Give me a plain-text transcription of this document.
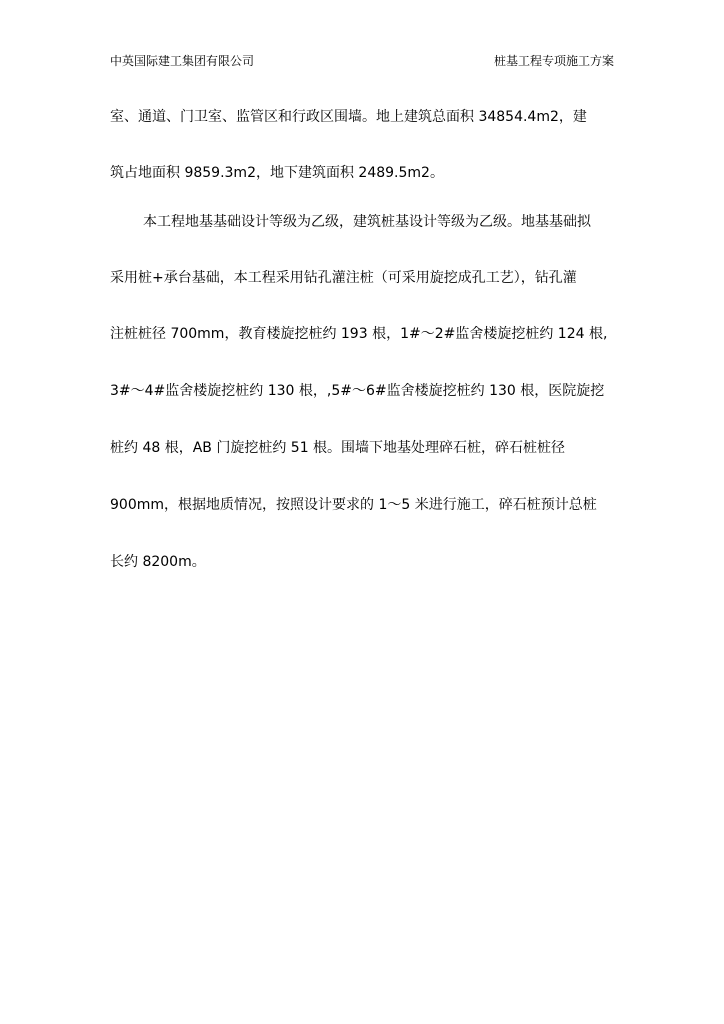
中英国际建工集团有限公司	桩基工程专项施工方案
室、通道、门卫室、监管区和行政区围墙。地上建筑总面积 34854.4m2，建
筑占地面积 9859.3m2，地下建筑面积 2489.5m2。
本工程地基基础设计等级为乙级，建筑桩基设计等级为乙级。地基基础拟
采用桩+承台基础，本工程采用钻孔灌注桩（可采用旋挖成孔工艺），钻孔灌
注桩桩径 700mm，教育楼旋挖桩约 193 根，1#～2#监舍楼旋挖桩约 124 根,
3#～4#监舍楼旋挖桩约 130 根，,5#～6#监舍楼旋挖桩约 130 根，医院旋挖
桩约 48 根，AB 门旋挖桩约 51 根。围墙下地基处理碎石桩，碎石桩桩径
900mm，根据地质情况，按照设计要求的 1～5 米进行施工，碎石桩预计总桩
长约 8200m。
